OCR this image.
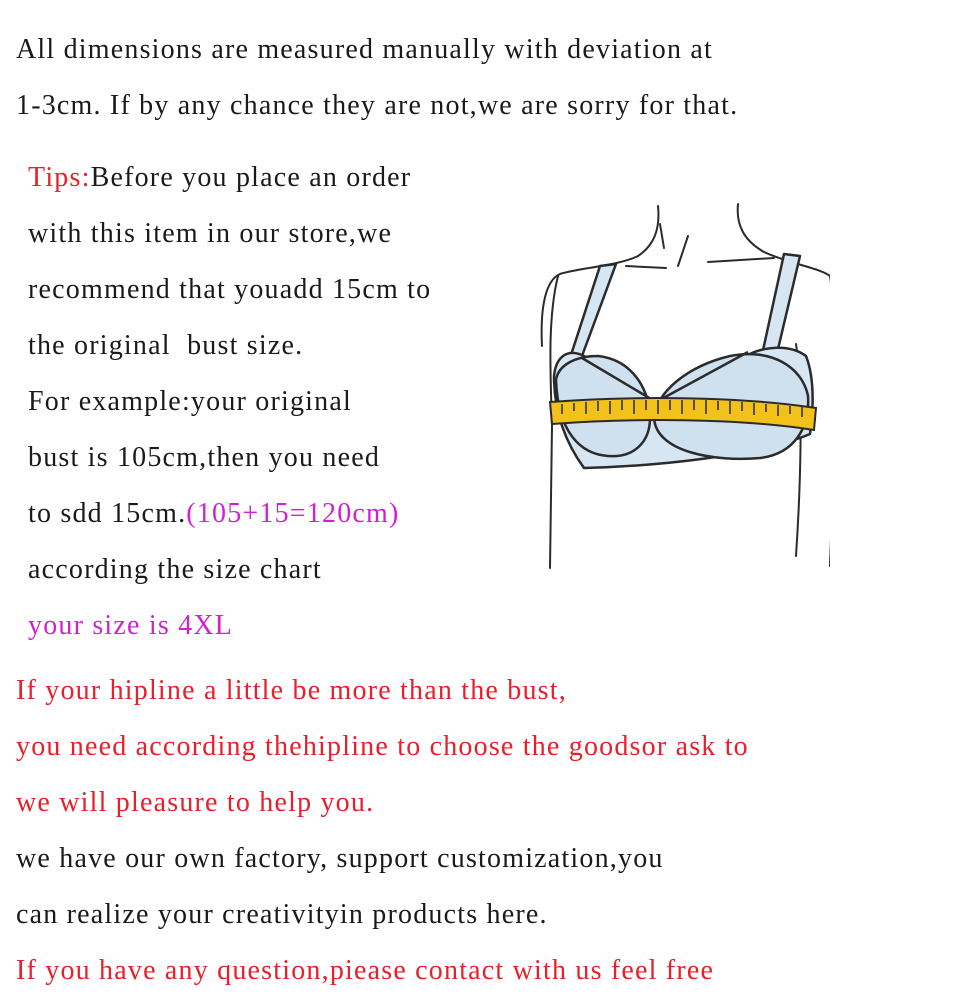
All dimensions are measured manually with deviation at
1-3cm. If by any chance they are not,we are sorry for that.
Tips:Before you place an order
with this item in our store,we
recommend that youadd 15cm to
the original  bust size.
For example:your original
bust is 105cm,then you need
to sdd 15cm.(105+15=120cm)
according the size chart
your size is 4XL
If your hipline a little be more than the bust,
you need according thehipline to choose the goodsor ask to
we will pleasure to help you.
we have our own factory, support customization,you
can realize your creativityin products here.
If you have any question,piease contact with us feel free
